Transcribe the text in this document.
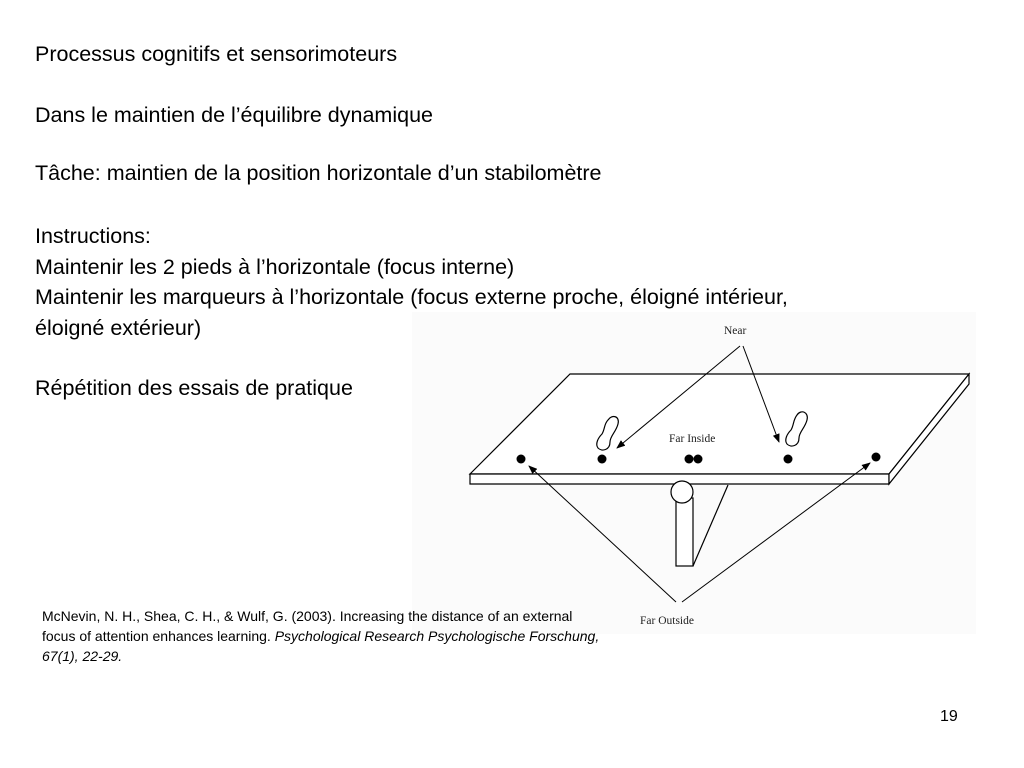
Processus cognitifs et sensorimoteurs
Dans le maintien de l’équilibre dynamique
Tâche: maintien de la position horizontale d’un stabilomètre
Instructions:
Maintenir les 2 pieds à l’horizontale (focus interne)
Maintenir les marqueurs à l’horizontale (focus externe proche, éloigné intérieur,
éloigné extérieur)
Répétition des essais de pratique
Near
Far Inside
Far Outside
McNevin, N. H., Shea, C. H., & Wulf, G. (2003). Increasing the distance of an external focus of attention enhances learning. Psychological Research Psychologische Forschung, 67(1), 22-29.
19
